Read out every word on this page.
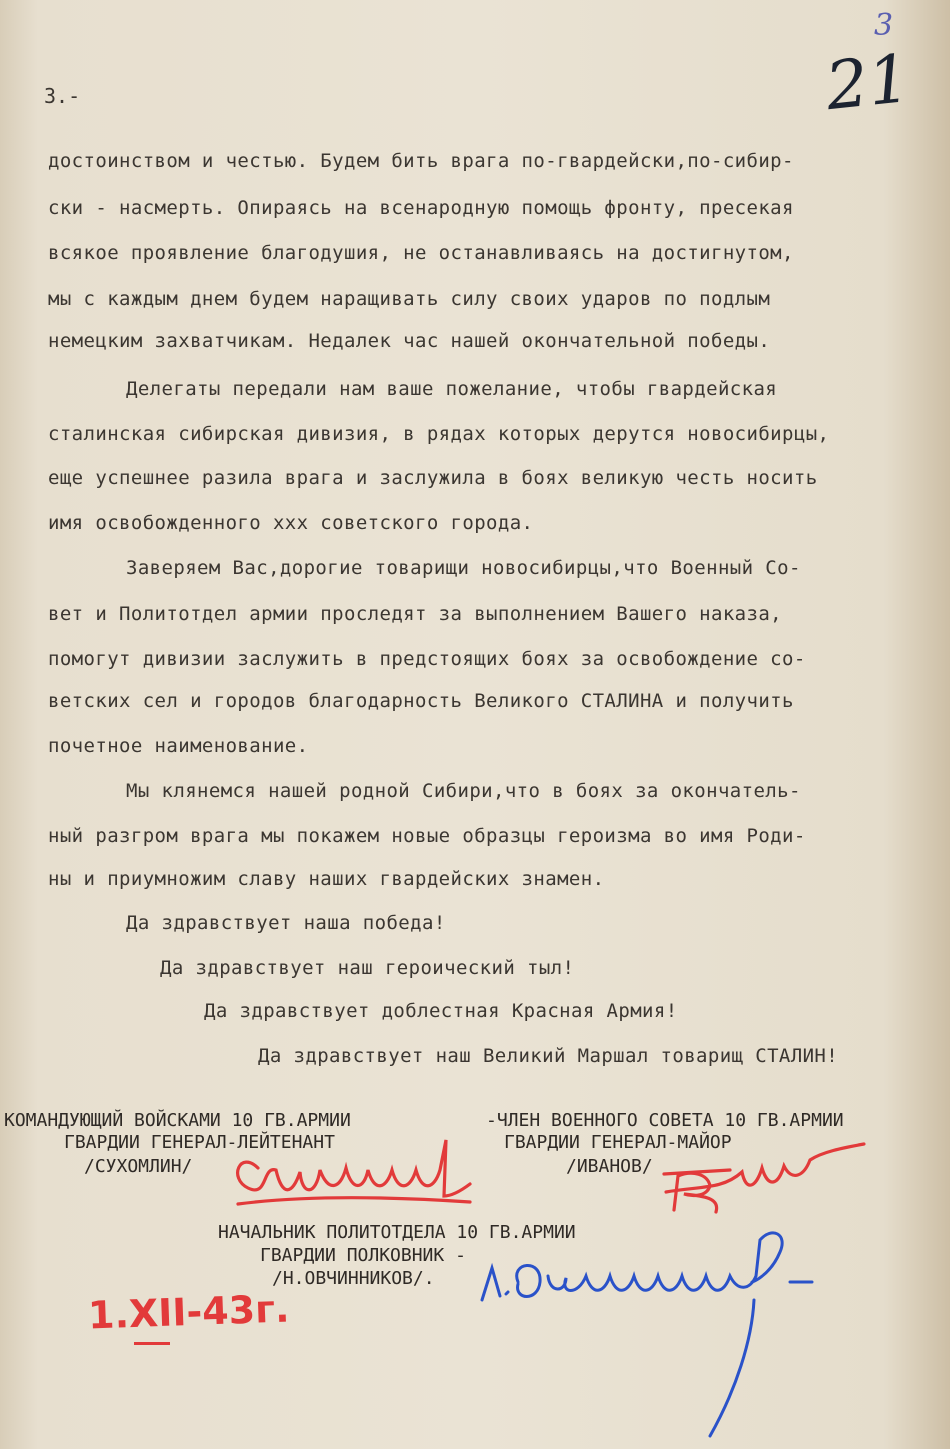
3.-	21
3

достоинством и честью. Будем бить врага по-гвардейски,по-сибир-

ски - насмерть. Опираясь на всенародную помощь фронту, пресекая

всякое проявление благодушия, не останавливаясь на достигнутом,

мы с каждым днем будем наращивать силу своих ударов по подлым

немецким захватчикам. Недалек час нашей окончательной победы.

Делегаты передали нам ваше пожелание, чтобы гвардейская

сталинская сибирская дивизия, в рядах которых дерутся новосибирцы,

еще успешнее разила врага и заслужила в боях великую честь носить

имя освобожденного ххх советского города.

Заверяем Вас,дорогие товарищи новосибирцы,что Военный Со-

вет и Политотдел армии проследят за выполнением Вашего наказа,

помогут дивизии заслужить в предстоящих боях за освобождение со-

ветских сел и городов благодарность Великого СТАЛИНА и получить

почетное наименование.

Мы клянемся нашей родной Сибири,что в боях за окончатель-

ный разгром врага мы покажем новые образцы героизма во имя Роди-

ны и приумножим славу наших гвардейских знамен.

Да здравствует наша победа!

Да здравствует наш героический тыл!

Да здравствует доблестная Красная Армия!

Да здравствует наш Великий Маршал товарищ СТАЛИН!

КОМАНДУЮЩИЙ ВОЙСКАМИ 10 ГВ.АРМИИ
ГВАРДИИ ГЕНЕРАЛ-ЛЕЙТЕНАНТ
/СУХОМЛИН/
-ЧЛЕН ВОЕННОГО СОВЕТА 10 ГВ.АРМИИ
ГВАРДИИ ГЕНЕРАЛ-МАЙОР
/ИВАНОВ/
НАЧАЛЬНИК ПОЛИТОТДЕЛА 10 ГВ.АРМИИ
ГВАРДИИ ПОЛКОВНИК -
/Н.ОВЧИННИКОВ/.
1.XII-43г.
